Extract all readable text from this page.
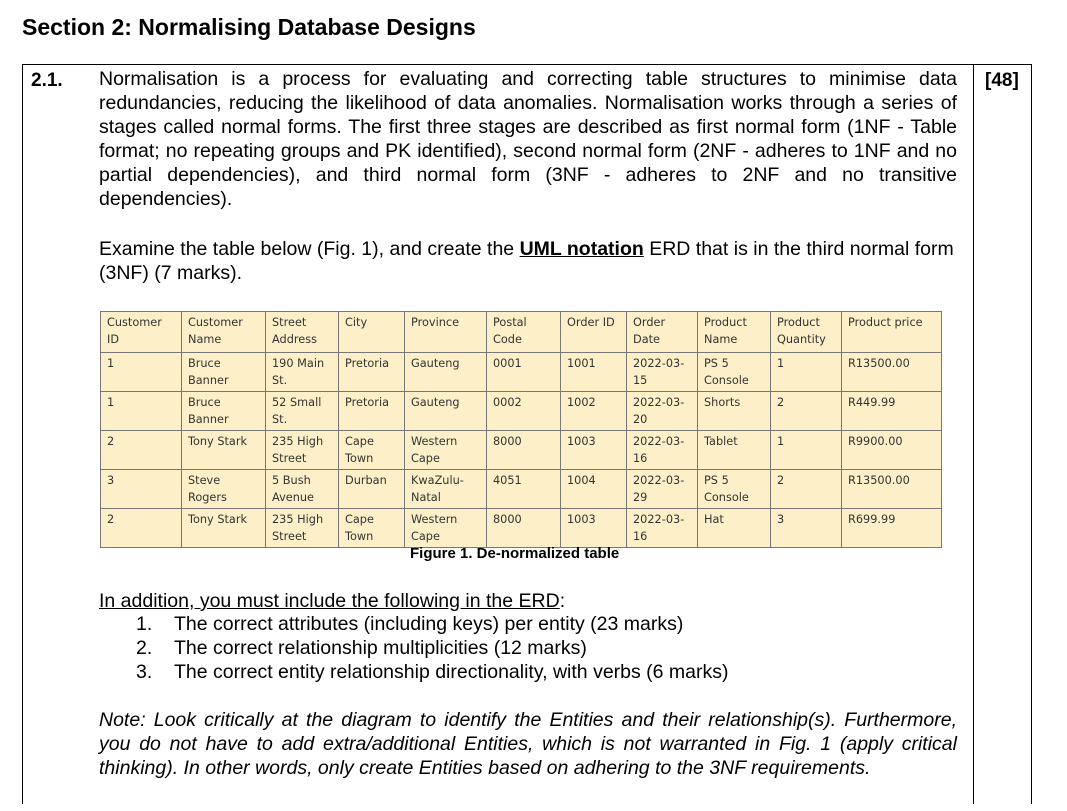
Section 2: Normalising Database Designs
2.1.	[48]
Normalisation is a process for evaluating and correcting table structures to minimise data redundancies, reducing the likelihood of data anomalies. Normalisation works through a series of stages called normal forms. The first three stages are described as first normal form (1NF - Table format; no repeating groups and PK identified), second normal form (2NF - adheres to 1NF and no partial dependencies), and third normal form (3NF - adheres to 2NF and no transitive dependencies).
Examine the table below (Fig. 1), and create the UML notation ERD that is in the third normal form (3NF) (7 marks).
Customer ID	Customer Name	Street Address	City	Province	Postal Code	Order ID	Order Date	Product Name	Product Quantity	Product price
1	Bruce Banner	190 Main St.	Pretoria	Gauteng	0001	1001	2022-03-15	PS 5 Console	1	R13500.00
1	Bruce Banner	52 Small St.	Pretoria	Gauteng	0002	1002	2022-03-20	Shorts	2	R449.99
2	Tony Stark	235 High Street	Cape Town	Western Cape	8000	1003	2022-03-16	Tablet	1	R9900.00
3	Steve Rogers	5 Bush Avenue	Durban	KwaZulu-Natal	4051	1004	2022-03-29	PS 5 Console	2	R13500.00
2	Tony Stark	235 High Street	Cape Town	Western Cape	8000	1003	2022-03-16	Hat	3	R699.99
Figure 1. De-normalized table
In addition, you must include the following in the ERD:
1. The correct attributes (including keys) per entity (23 marks)
2. The correct relationship multiplicities (12 marks)
3. The correct entity relationship directionality, with verbs (6 marks)
Note: Look critically at the diagram to identify the Entities and their relationship(s). Furthermore, you do not have to add extra/additional Entities, which is not warranted in Fig. 1 (apply critical thinking). In other words, only create Entities based on adhering to the 3NF requirements.
